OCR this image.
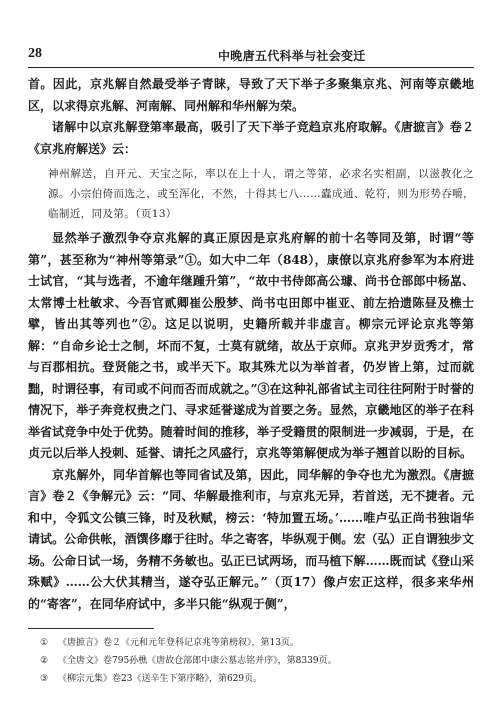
28	中晚唐五代科举与社会变迁

首。因此，京兆解自然最受举子青睐，导致了天下举子多聚集京兆、河南等京畿地区，以求得京兆解、河南解、同州解和华州解为荣。

诸解中以京兆解登第率最高，吸引了天下举子竞趋京兆府取解。《唐摭言》卷２《京兆府解送》云：

神州解送，自开元、天宝之际，率以在上十人，谓之等第，必求名实相副，以滋教化之源。小宗伯倚而选之，或至浑化，不然，十得其七八……蠹成通、乾符，则为形势吞嚼，临制近，同及第。（页13）

显然举子激烈争夺京兆解的真正原因是京兆府解的前十名等同及第，时谓“等第”，甚至称为“神州等第录”①。如大中二年（848），康僚以京兆府参军为本府进士试官，“其与选者，不逾年继踵升第”，“故中书侍郎高公璩、尚书仓部郎中杨嵓、太常博士杜敏求、今吾官贰卿崔公殷梦、尚书屯田郎中崔亚、前左拾遗陈昼及樵士擘，皆出其等列也”②。这足以说明，史籍所载并非虚言。柳宗元评论京兆等第解：“自命乡论士之制，坏而不复，士莫有就绪，故丛于京师。京兆尹岁贡秀才，常与百郡相抗。登贤能之书，或半天下。取其殊尤以为举首者，仍岁皆上第，过而就黜，时谓径事，有司或不问而否而成就之。”③在这种礼部省试主司往往阿附于时誉的情况下，举子奔竞权贵之门、寻求延誉遂成为首要之务。显然，京畿地区的举子在科举省试竞争中处于优势。随着时间的推移，举子受籍贯的限制进一步减弱，于是，在贞元以后举人投刺、延誉、请托之风盛行，京兆等第解便成为举子翘首以盼的目标。

京兆解外，同华首解也等同省试及第，因此，同华解的争夺也尤为激烈。《唐摭言》卷２《争解元》云：“同、华解最推利市，与京兆无异，若首送，无不捷者。元和中，令狐文公镇三锋，时及秋赋，榜云：‘特加置五场。’……唯卢弘正尚书独诣华请试。公命供帐，酒馔侈靡于往时。华之寄客，毕纵观于侧。宏（弘）正自谓独步文场。公命日试一场，务精不务敏也。弘正已试两场，而马植下解……既而试《登山采珠赋》……公大伏其精当，遂夺弘正解元。”（页17）像卢宏正这样，很多来华州的“寄客”，在同华府试中，多半只能“纵观于侧”，

① 《唐摭言》卷２《元和元年登科记京兆等第榜叙》，第13页。
② 《全唐文》卷795孙樵《唐故仓部郎中康公墓志铭并序》，第8339页。
③ 《柳宗元集》卷23《送辛生下第序略》，第629页。
